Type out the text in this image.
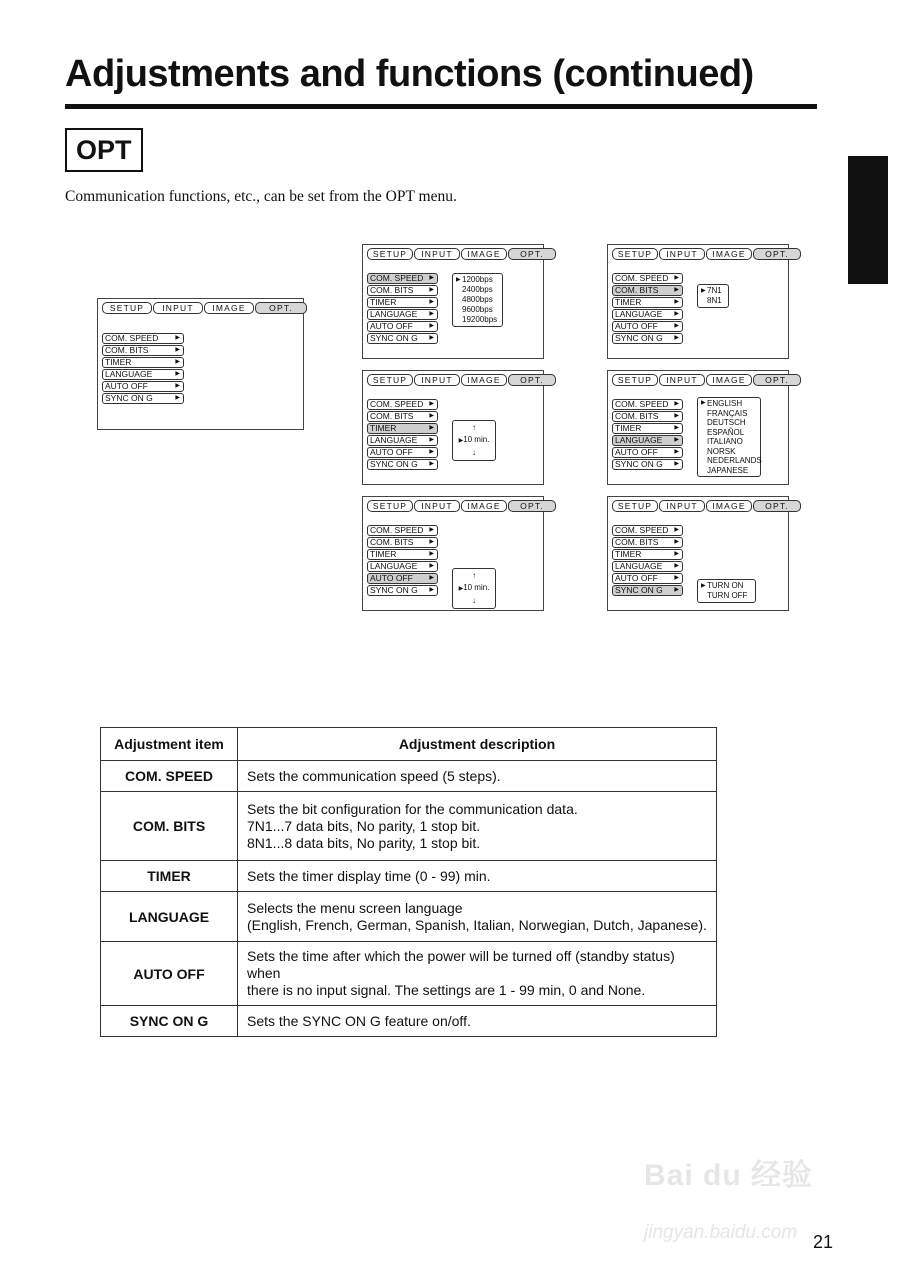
Adjustments and functions (continued)
OPT
Communication functions, etc., can be set from the OPT menu.
SETUP	INPUT	IMAGE	OPT.
COM. SPEED	▶
COM. BITS	▶
TIMER	▶
LANGUAGE	▶
AUTO OFF	▶
SYNC ON G	▶
SETUP	INPUT	IMAGE	OPT.
COM. SPEED ▶
COM. BITS	▶
TIMER	▶
LANGUAGE ▶
AUTO OFF	▶
SYNC ON G ▶
▶ 1200bps
2400bps
4800bps
9600bps
19200bps
SETUP	INPUT	IMAGE	OPT.
COM. SPEED ▶
COM. BITS	▶
TIMER	▶
LANGUAGE ▶
AUTO OFF	▶
SYNC ON G ▶
▶ 7N1
8N1
SETUP	INPUT	IMAGE	OPT.
COM. SPEED ▶
COM. BITS	▶
TIMER	▶
LANGUAGE ▶
AUTO OFF	▶
SYNC ON G ▶
↑
▶10 min.
↓
SETUP	INPUT	IMAGE	OPT.
COM. SPEED ▶
COM. BITS	▶
TIMER	▶
LANGUAGE ▶
AUTO OFF	▶
SYNC ON G ▶
▶ ENGLISH
FRANÇAIS
DEUTSCH
ESPAÑOL
ITALIANO
NORSK
NEDERLANDS
JAPANESE
SETUP	INPUT	IMAGE	OPT.
COM. SPEED ▶
COM. BITS	▶
TIMER	▶
LANGUAGE ▶
AUTO OFF	▶
SYNC ON G ▶
↑
▶10 min.
↓
SETUP	INPUT	IMAGE	OPT.
COM. SPEED ▶
COM. BITS	▶
TIMER	▶
LANGUAGE ▶
AUTO OFF	▶
SYNC ON G ▶
▶ TURN ON
TURN OFF
Adjustment item	Adjustment description
COM. SPEED	Sets the communication speed (5 steps).

COM. BITS	Sets the bit configuration for the communication data.
7N1...7 data bits, No parity, 1 stop bit.
8N1...8 data bits, No parity, 1 stop bit.

TIMER	Sets the timer display time (0 - 99) min.

LANGUAGE	Selects the menu screen language
(English, French, German, Spanish, Italian, Norwegian, Dutch, Japanese).

AUTO OFF	Sets the time after which the power will be turned off (standby status) when
there is no input signal. The settings are 1 - 99 min, 0 and None.

SYNC ON G	Sets the SYNC ON G feature on/off.
Bai du 经验
jingyan.baidu.com 21
